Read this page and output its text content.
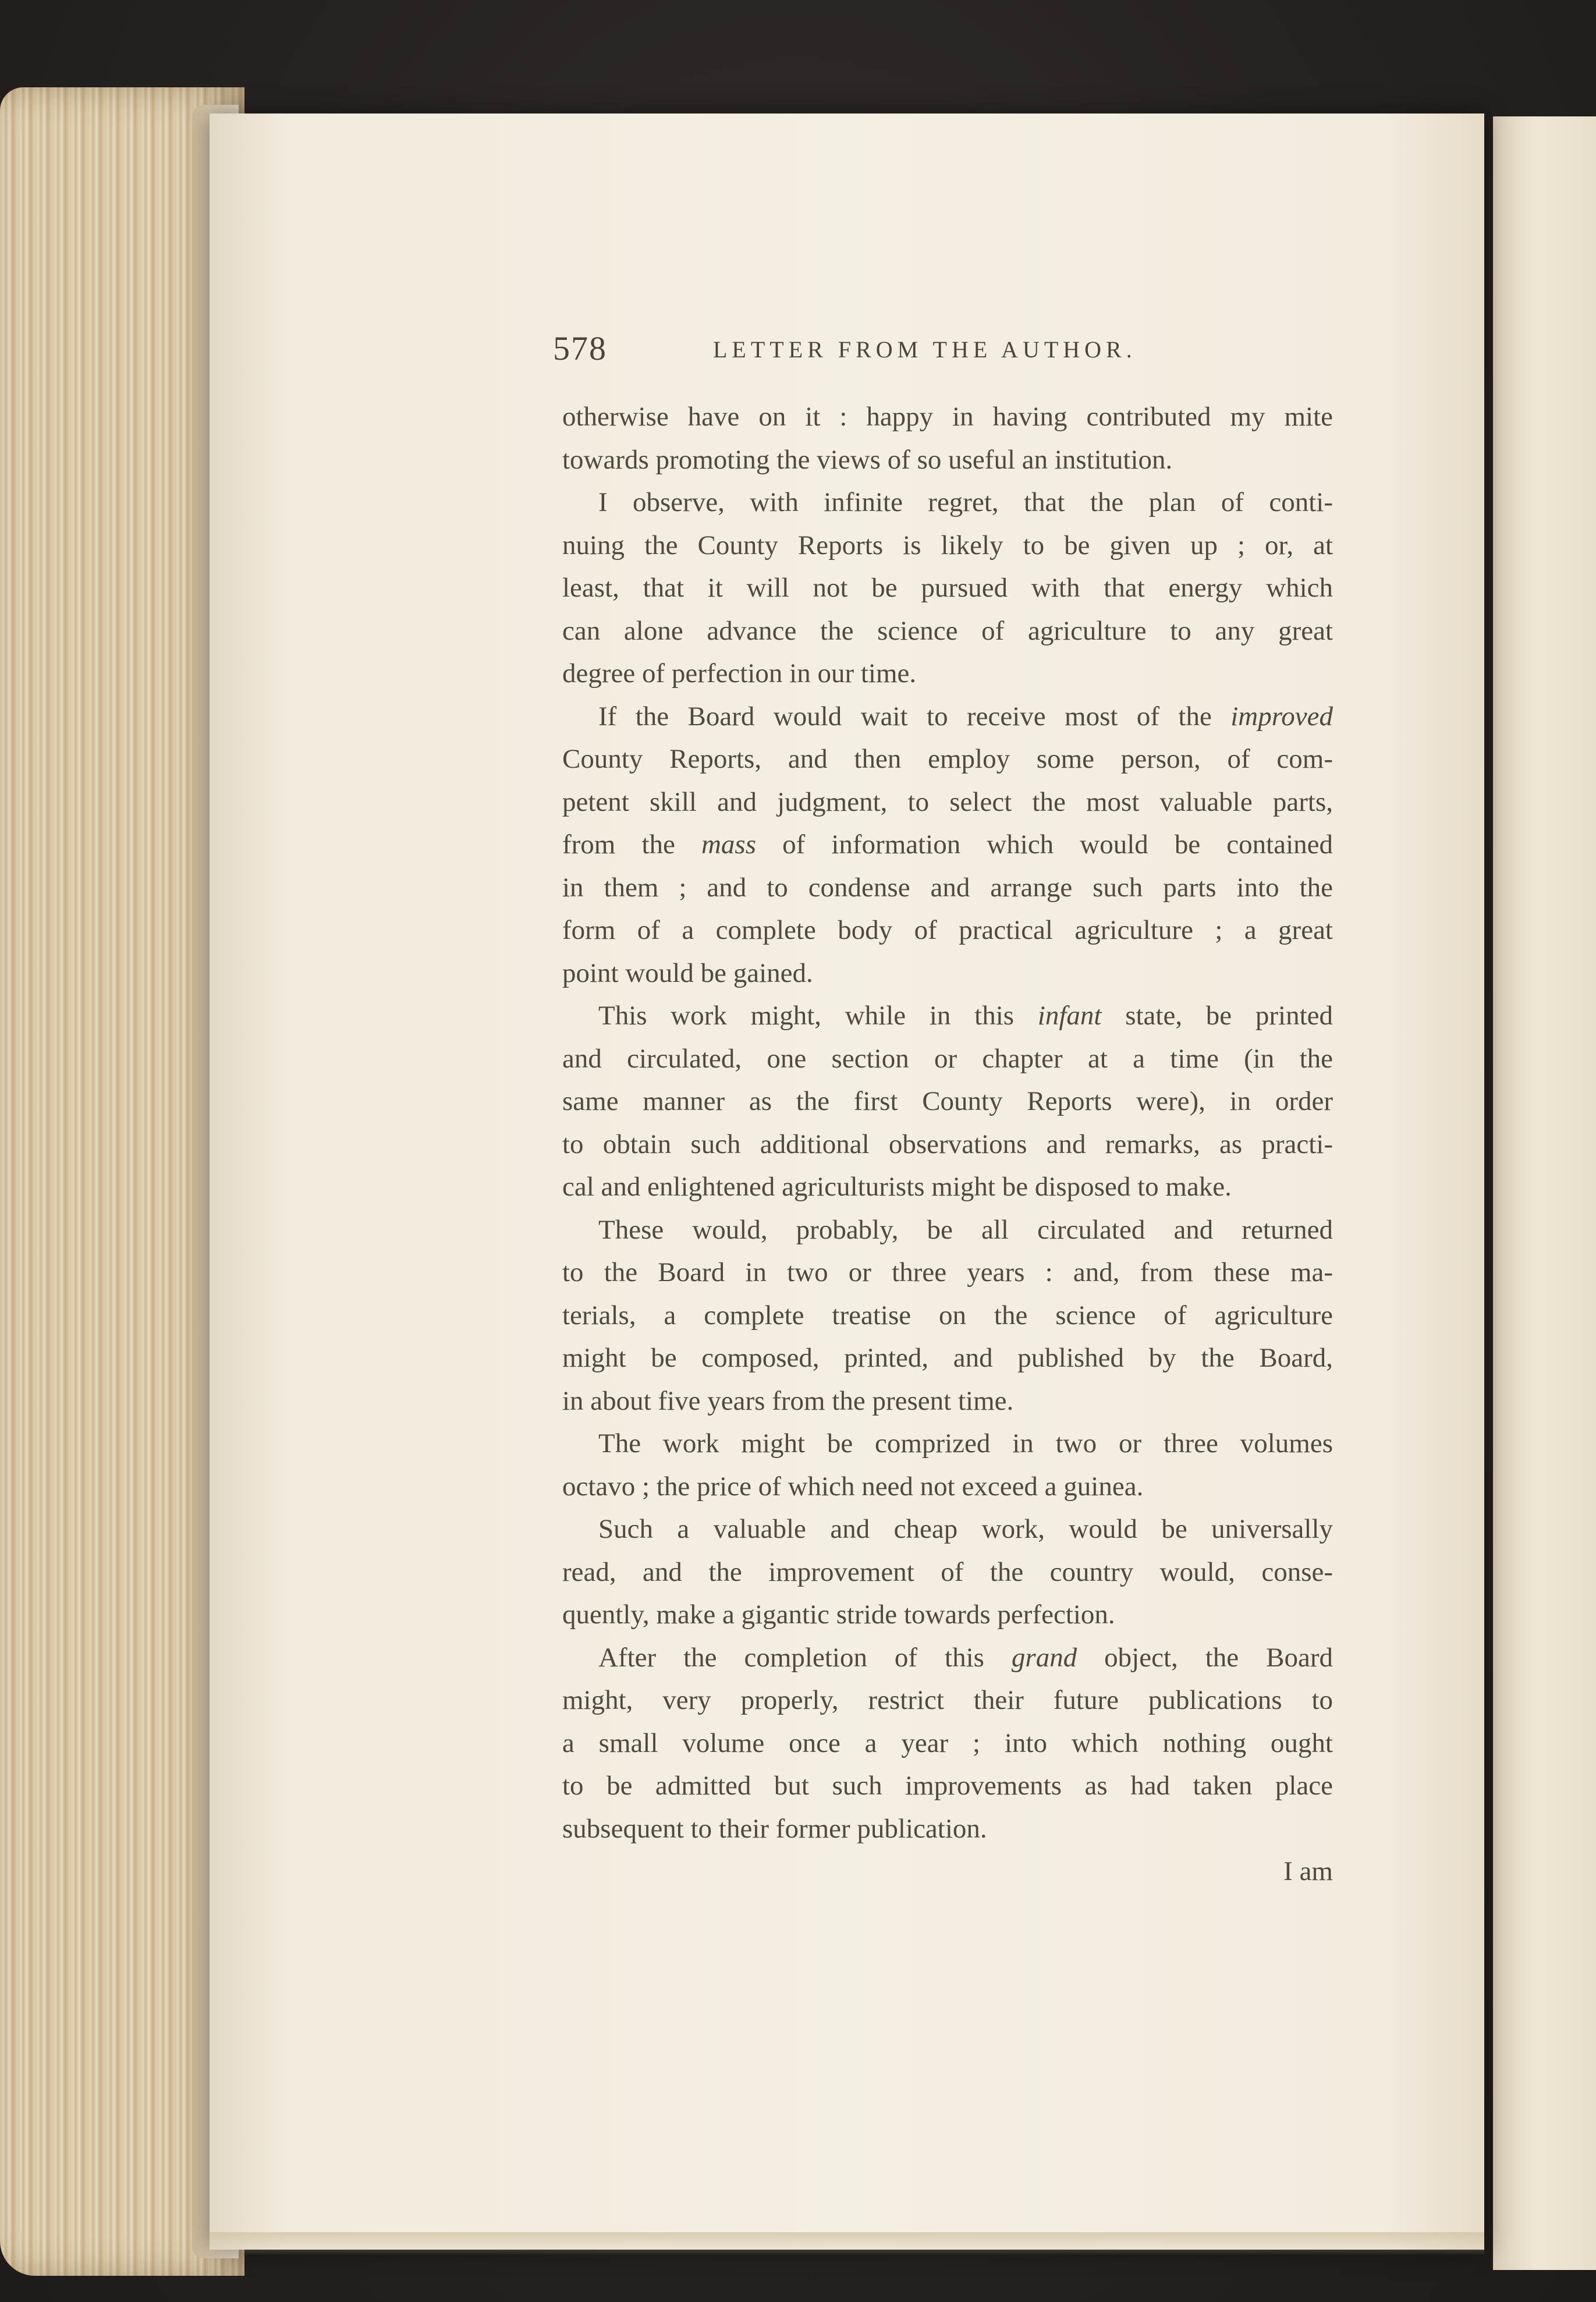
578	LETTER FROM THE AUTHOR.
otherwise have on it : happy in having contributed my mite
towards promoting the views of so useful an institution.
I observe, with infinite regret, that the plan of conti-
nuing the County Reports is likely to be given up ; or, at
least, that it will not be pursued with that energy which
can alone advance the science of agriculture to any great
degree of perfection in our time.
If the Board would wait to receive most of the improved
County Reports, and then employ some person, of com-
petent skill and judgment, to select the most valuable parts,
from the mass of information which would be contained
in them ; and to condense and arrange such parts into the
form of a complete body of practical agriculture ; a great
point would be gained.
This work might, while in this infant state, be printed
and circulated, one section or chapter at a time (in the
same manner as the first County Reports were), in order
to obtain such additional observations and remarks, as practi-
cal and enlightened agriculturists might be disposed to make.
These would, probably, be all circulated and returned
to the Board in two or three years : and, from these ma-
terials, a complete treatise on the science of agriculture
might be composed, printed, and published by the Board,
in about five years from the present time.
The work might be comprized in two or three volumes
octavo ; the price of which need not exceed a guinea.
Such a valuable and cheap work, would be universally
read, and the improvement of the country would, conse-
quently, make a gigantic stride towards perfection.
After the completion of this grand object, the Board
might, very properly, restrict their future publications to
a small volume once a year ; into which nothing ought
to be admitted but such improvements as had taken place
subsequent to their former publication.
I am
